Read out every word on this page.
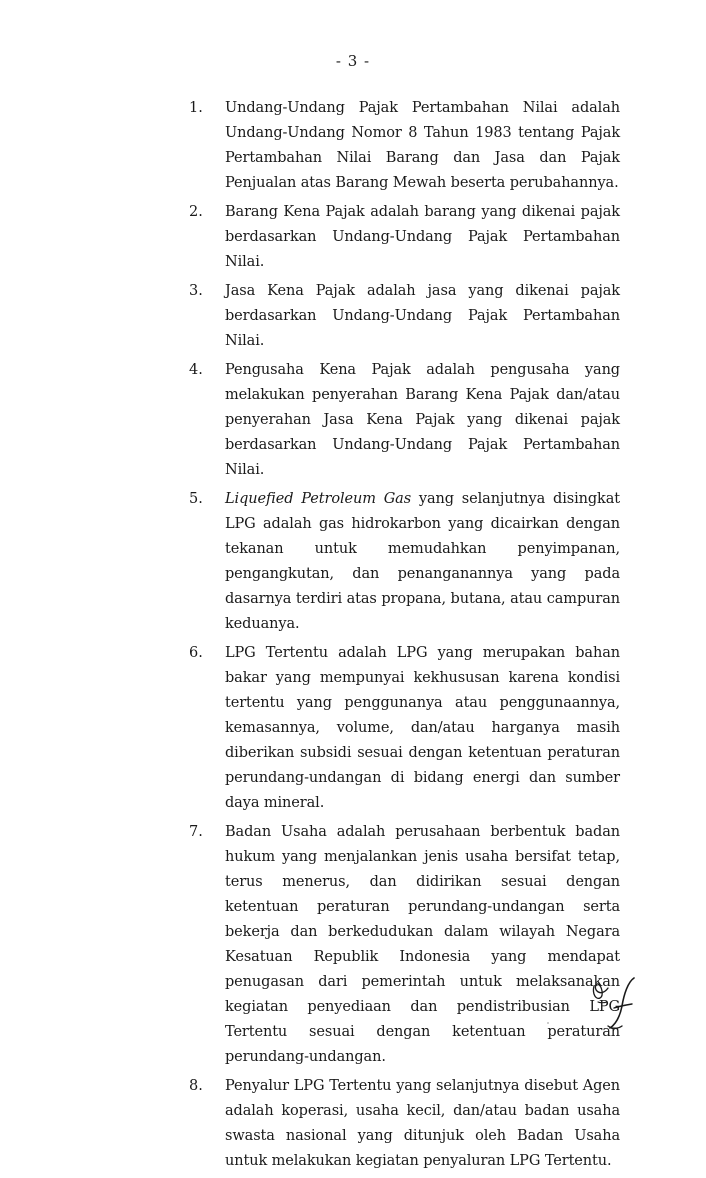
- 3 -
1. Undang-Undang Pajak Pertambahan Nilai adalah Undang-Undang Nomor 8 Tahun 1983 tentang Pajak Pertambahan Nilai Barang dan Jasa dan Pajak Penjualan atas Barang Mewah beserta perubahannya.
2. Barang Kena Pajak adalah barang yang dikenai pajak berdasarkan Undang-Undang Pajak Pertambahan Nilai.
3. Jasa Kena Pajak adalah jasa yang dikenai pajak berdasarkan Undang-Undang Pajak Pertambahan Nilai.
4. Pengusaha Kena Pajak adalah pengusaha yang melakukan penyerahan Barang Kena Pajak dan/atau penyerahan Jasa Kena Pajak yang dikenai pajak berdasarkan Undang-Undang Pajak Pertambahan Nilai.
5. Liquefied Petroleum Gas yang selanjutnya disingkat LPG adalah gas hidrokarbon yang dicairkan dengan tekanan untuk memudahkan penyimpanan, pengangkutan, dan penanganannya yang pada dasarnya terdiri atas propana, butana, atau campuran keduanya.
6. LPG Tertentu adalah LPG yang merupakan bahan bakar yang mempunyai kekhususan karena kondisi tertentu yang penggunanya atau penggunaannya, kemasannya, volume, dan/atau harganya masih diberikan subsidi sesuai dengan ketentuan peraturan perundang-undangan di bidang energi dan sumber daya mineral.
7. Badan Usaha adalah perusahaan berbentuk badan hukum yang menjalankan jenis usaha bersifat tetap, terus menerus, dan didirikan sesuai dengan ketentuan peraturan perundang-undangan serta bekerja dan berkedudukan dalam wilayah Negara Kesatuan Republik Indonesia yang mendapat penugasan dari pemerintah untuk melaksanakan kegiatan penyediaan dan pendistribusian LPG Tertentu sesuai dengan ketentuan peraturan perundang-undangan.
8. Penyalur LPG Tertentu yang selanjutnya disebut Agen adalah koperasi, usaha kecil, dan/atau badan usaha swasta nasional yang ditunjuk oleh Badan Usaha untuk melakukan kegiatan penyaluran LPG Tertentu.
